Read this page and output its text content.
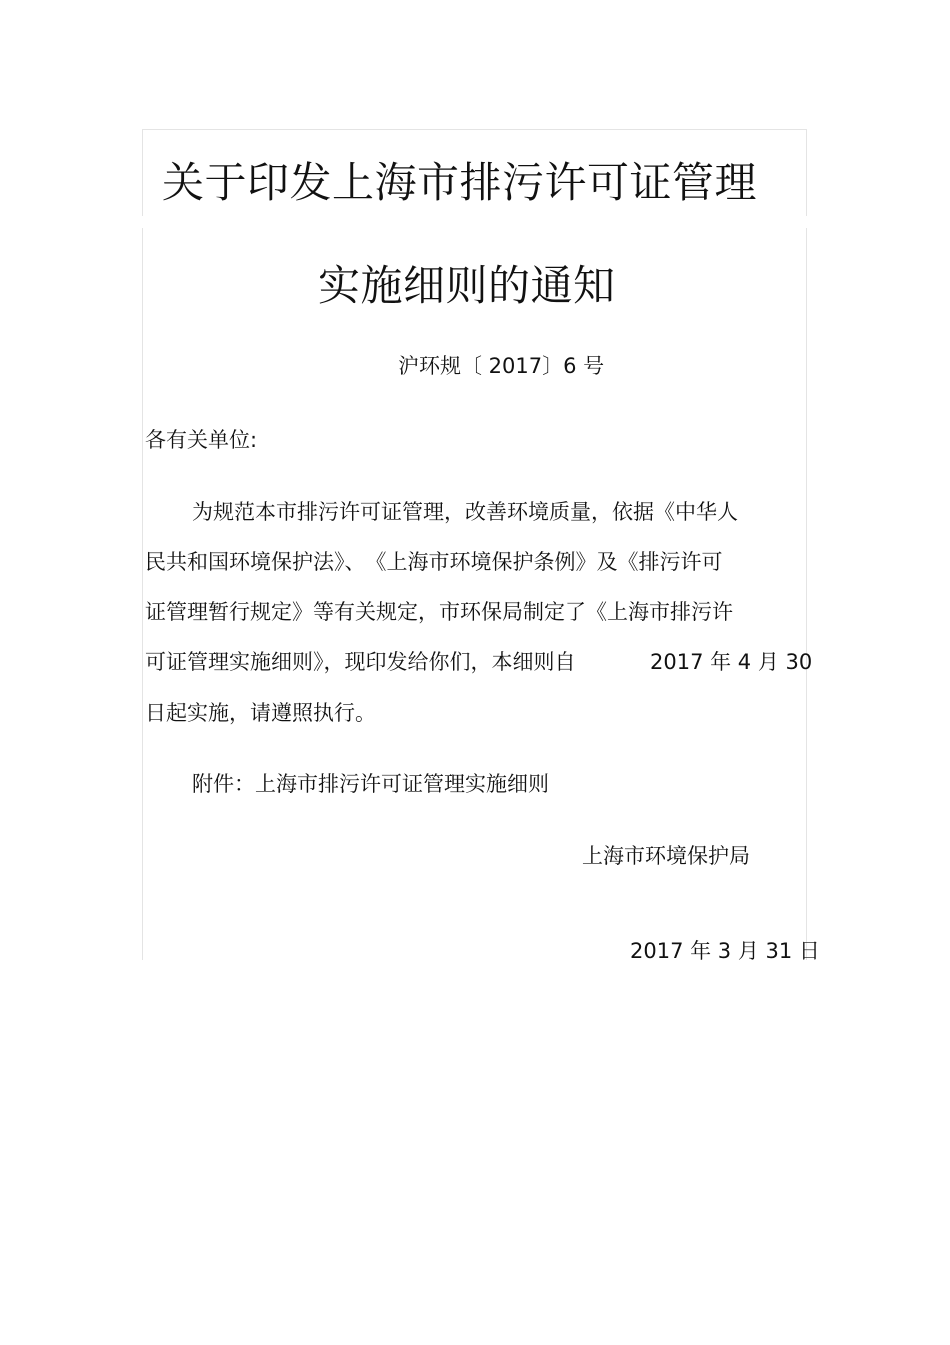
关于印发上海市排污许可证管理
实施细则的通知
沪环规〔 2017〕6 号
各有关单位:
为规范本市排污许可证管理，改善环境质量，依据《中华人
民共和国环境保护法》、　《上海市环境保护条例》及《排污许可
证管理暂行规定》等有关规定，市环保局制定了《上海市排污许
可证管理实施细则》，现印发给你们，本细则自	2017 年 4 月 30
日起实施，请遵照执行。
附件：上海市排污许可证管理实施细则
上海市环境保护局
2017 年 3 月 31 日
